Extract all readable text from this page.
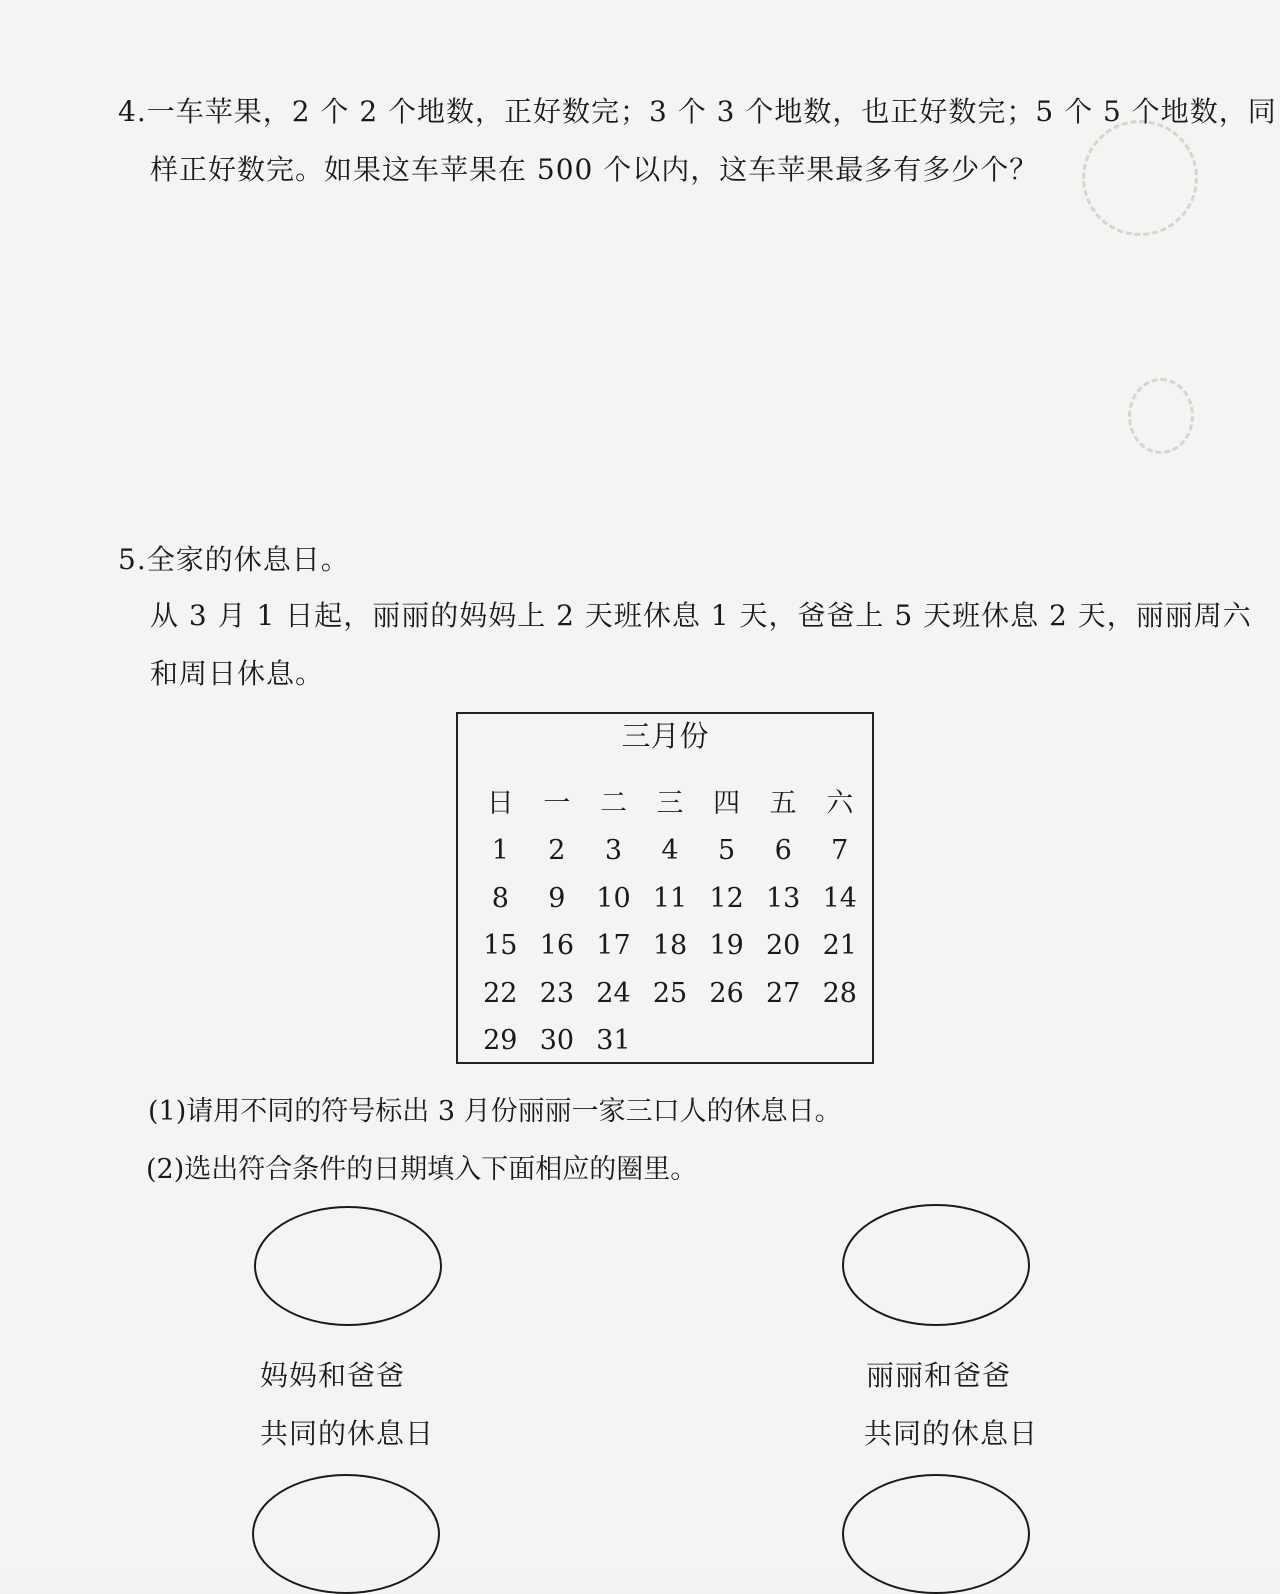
4.一车苹果，2 个 2 个地数，正好数完；3 个 3 个地数，也正好数完；5 个 5 个地数，同
样正好数完。如果这车苹果在 500 个以内，这车苹果最多有多少个？
5.全家的休息日。
从 3 月 1 日起，丽丽的妈妈上 2 天班休息 1 天，爸爸上 5 天班休息 2 天，丽丽周六
和周日休息。
三月份
日	一	二	三	四	五	六
1	2	3	4	5	6	7
8	9	10 11 12 13 14
15 16 17 18 19 20 21
22 23 24 25 26 27 28
29 30 31
(1)请用不同的符号标出 3 月份丽丽一家三口人的休息日。
(2)选出符合条件的日期填入下面相应的圈里。
妈妈和爸爸
共同的休息日
丽丽和爸爸
共同的休息日
